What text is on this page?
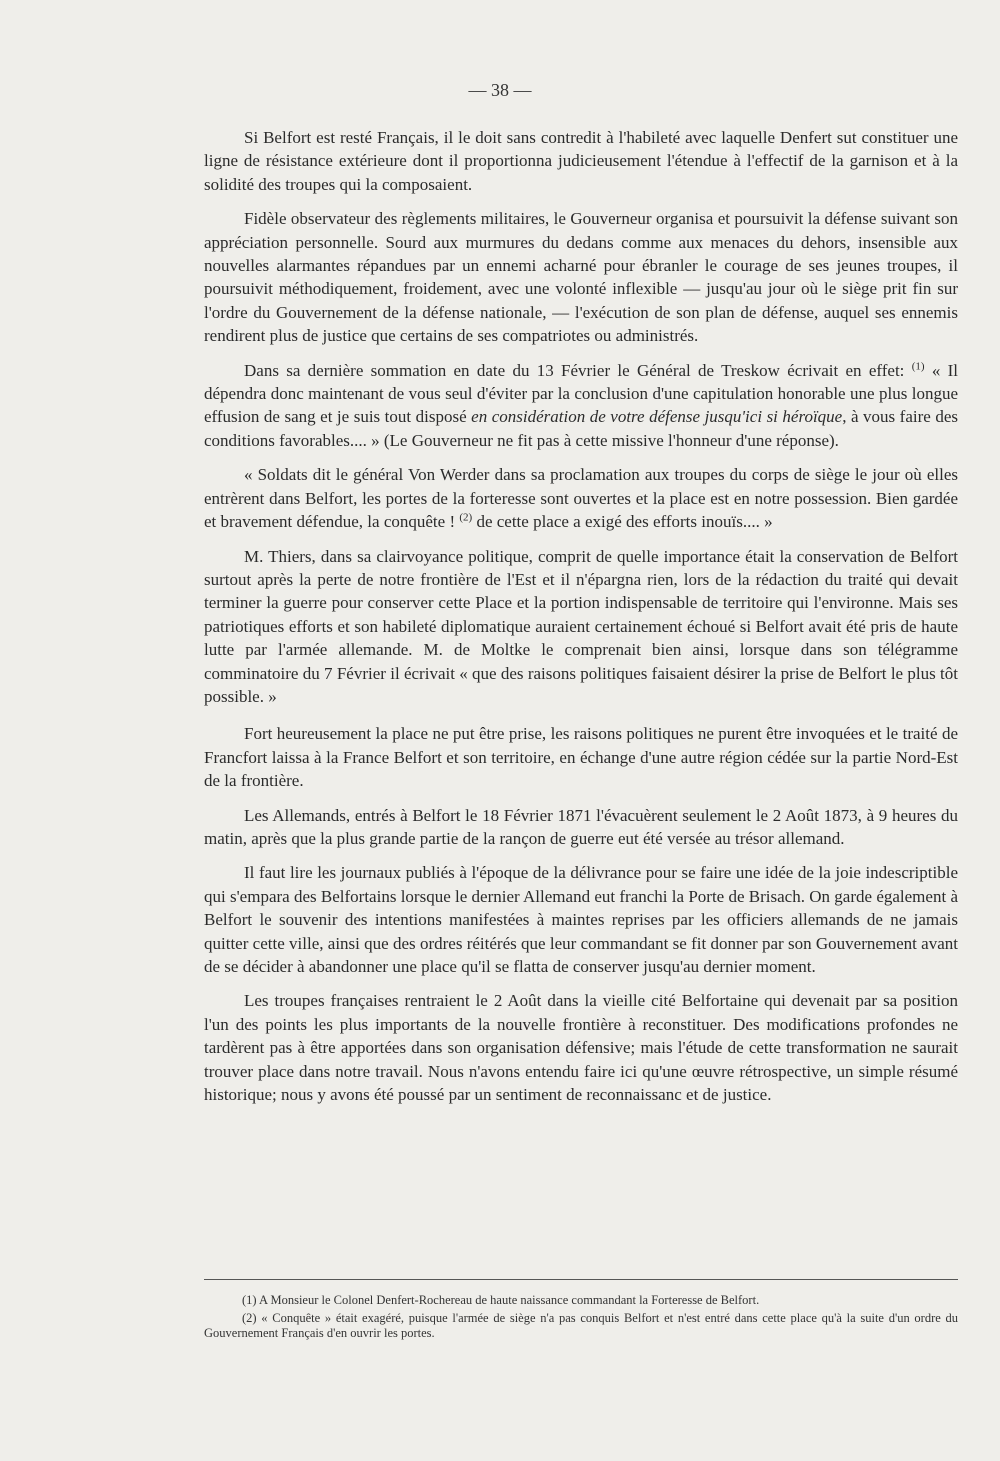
— 38 —

Si Belfort est resté Français, il le doit sans contredit à l'habileté avec laquelle Denfert sut constituer une ligne de résistance extérieure dont il proportionna judicieusement l'étendue à l'effectif de la garnison et à la solidité des troupes qui la composaient.

Fidèle observateur des règlements militaires, le Gouverneur organisa et poursuivit la défense suivant son appréciation personnelle. Sourd aux murmures du dedans comme aux menaces du dehors, insensible aux nouvelles alarmantes répandues par un ennemi acharné pour ébranler le courage de ses jeunes troupes, il poursuivit méthodiquement, froidement, avec une volonté inflexible — jusqu'au jour où le siège prit fin sur l'ordre du Gouvernement de la défense nationale, — l'exécution de son plan de défense, auquel ses ennemis rendirent plus de justice que certains de ses compatriotes ou administrés.

Dans sa dernière sommation en date du 13 Février le Général de Treskow écrivait en effet: $^{(1)}$ « Il dépendra donc maintenant de vous seul d'éviter par la conclusion d'une capitulation honorable une plus longue effusion de sang et je suis tout disposé en considération de votre défense jusqu'ici si héroïque, à vous faire des conditions favorables.... » (Le Gouverneur ne fit pas à cette missive l'honneur d'une réponse).

« Soldats dit le général Von Werder dans sa proclamation aux troupes du corps de siège le jour où elles entrèrent dans Belfort, les portes de la forteresse sont ouvertes et la place est en notre possession. Bien gardée et bravement défendue, la conquête ! $^{(2)}$ de cette place a exigé des efforts inouïs.... »

M. Thiers, dans sa clairvoyance politique, comprit de quelle importance était la conservation de Belfort surtout après la perte de notre frontière de l'Est et il n'épargna rien, lors de la rédaction du traité qui devait terminer la guerre pour conserver cette Place et la portion indispensable de territoire qui l'environne. Mais ses patriotiques efforts et son habileté diplomatique auraient certainement échoué si Belfort avait été pris de haute lutte par l'armée allemande. M. de Moltke le comprenait bien ainsi, lorsque dans son télégramme comminatoire du 7 Février il écrivait « que des raisons politiques faisaient désirer la prise de Belfort le plus tôt possible. »

Fort heureusement la place ne put être prise, les raisons politiques ne purent être invoquées et le traité de Francfort laissa à la France Belfort et son territoire, en échange d'une autre région cédée sur la partie Nord-Est de la frontière.

Les Allemands, entrés à Belfort le 18 Février 1871 l'évacuèrent seulement le 2 Août 1873, à 9 heures du matin, après que la plus grande partie de la rançon de guerre eut été versée au trésor allemand.

Il faut lire les journaux publiés à l'époque de la délivrance pour se faire une idée de la joie indescriptible qui s'empara des Belfortains lorsque le dernier Allemand eut franchi la Porte de Brisach. On garde également à Belfort le souvenir des intentions manifestées à maintes reprises par les officiers allemands de ne jamais quitter cette ville, ainsi que des ordres réitérés que leur commandant se fit donner par son Gouvernement avant de se décider à abandonner une place qu'il se flatta de conserver jusqu'au dernier moment.

Les troupes françaises rentraient le 2 Août dans la vieille cité Belfortaine qui devenait par sa position l'un des points les plus importants de la nouvelle frontière à reconstituer. Des modifications profondes ne tardèrent pas à être apportées dans son organisation défensive; mais l'étude de cette transformation ne saurait trouver place dans notre travail. Nous n'avons entendu faire ici qu'une œuvre rétrospective, un simple résumé historique; nous y avons été poussé par un sentiment de reconnaissanc et de justice.

(1) A Monsieur le Colonel Denfert-Rochereau de haute naissance commandant la Forteresse de Belfort.

(2) « Conquête » était exagéré, puisque l'armée de siège n'a pas conquis Belfort et n'est entré dans cette place qu'à la suite d'un ordre du Gouvernement Français d'en ouvrir les portes.
